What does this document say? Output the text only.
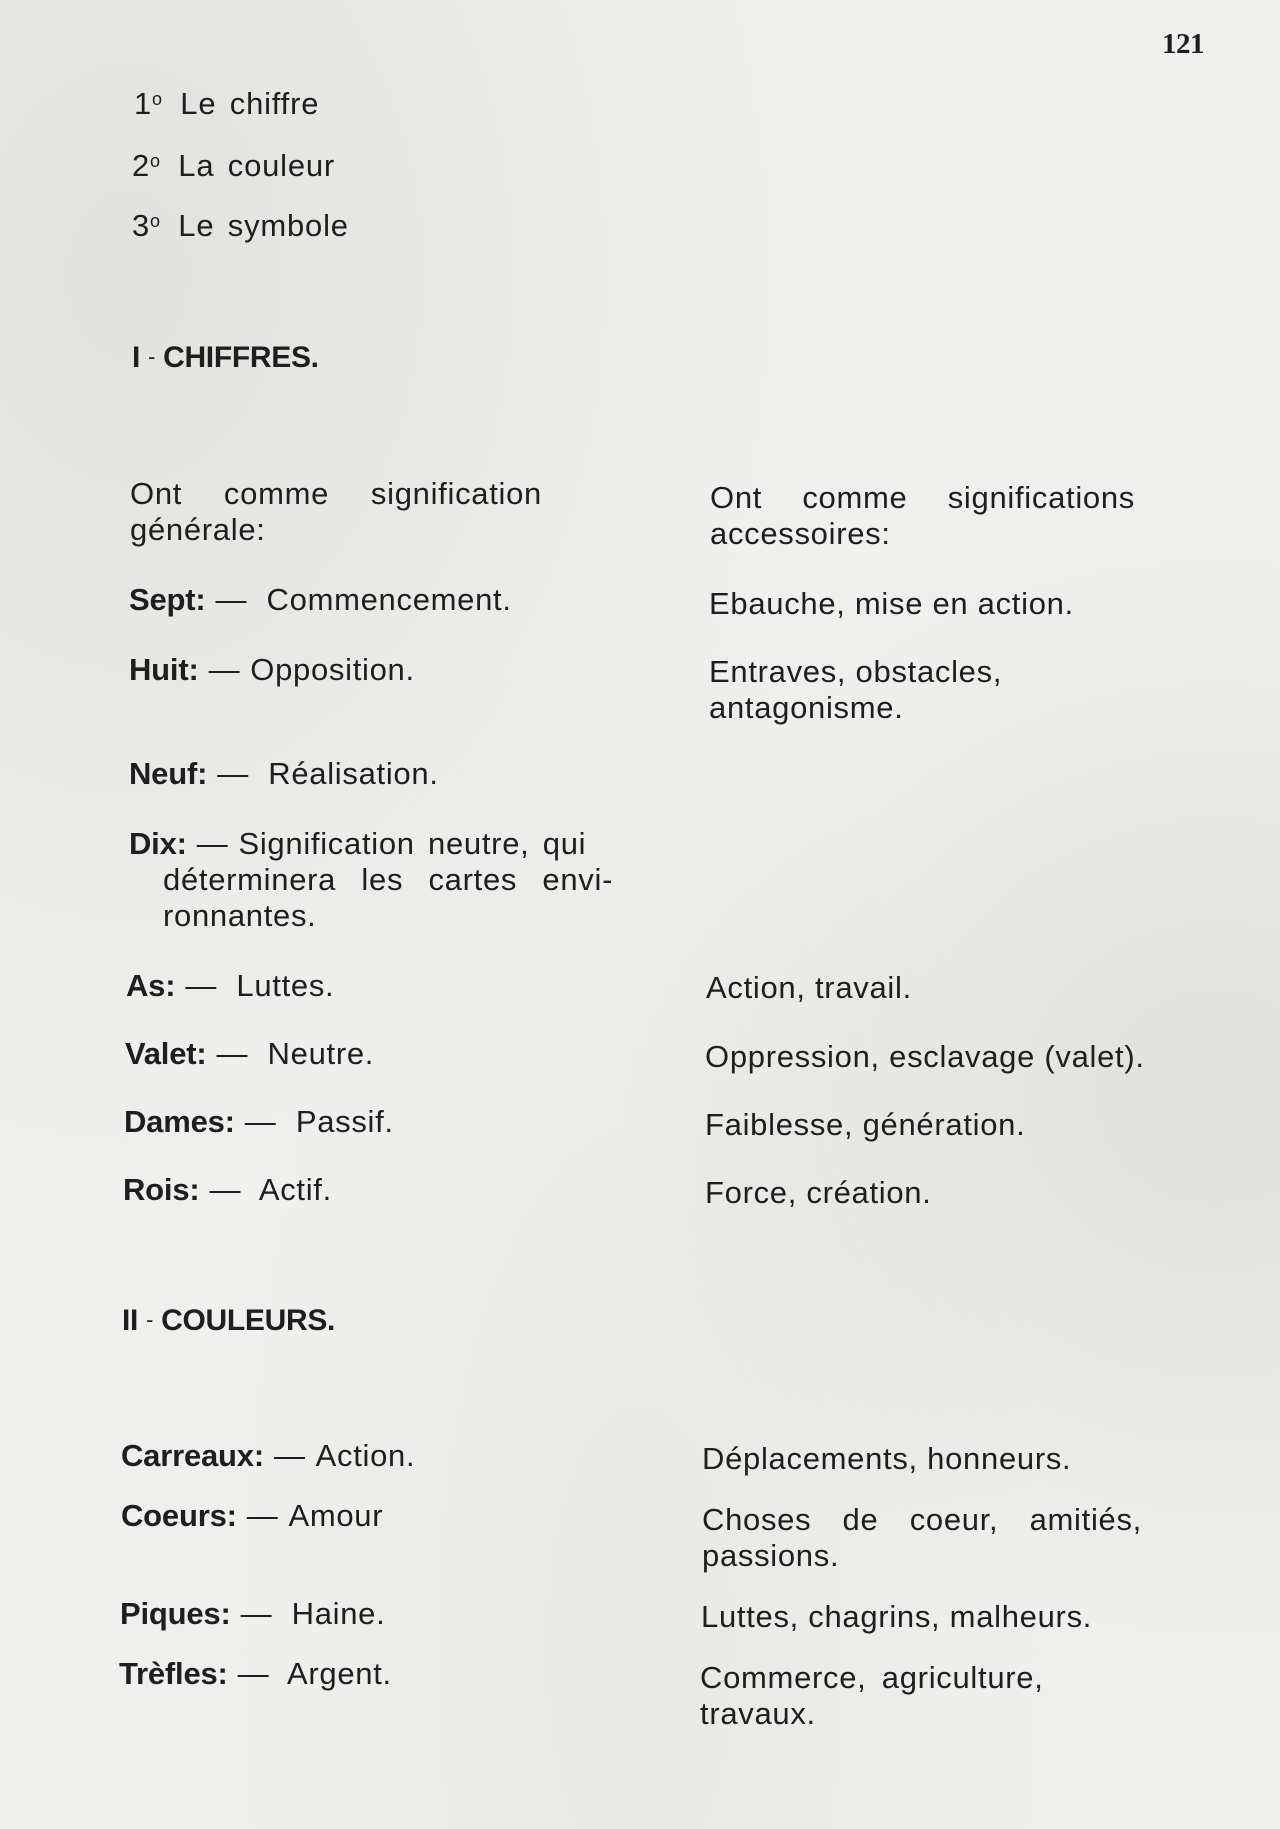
121
1$^o$ Le chiffre
2$^o$ La couleur
3$^o$ Le symbole
I - CHIFFRES.
Ont comme signification générale:
Ont comme significations accessoires:
Sept: — Commencement.	Ebauche, mise en action.
Huit: — Opposition.	Entraves, obstacles, antagonisme.
Neuf: — Réalisation.
Dix: — Signification neutre, qui
déterminera les cartes envi-
ronnantes.
As: — Luttes.	Action, travail.
Valet: — Neutre.	Oppression, esclavage (valet).
Dames: — Passif.	Faiblesse, génération.
Rois: — Actif.	Force, création.
II - COULEURS.
Carreaux: — Action.	Déplacements, honneurs.
Coeurs: — Amour	Choses de coeur, amitiés, passions.
Piques: — Haine.	Luttes, chagrins, malheurs.
Trèfles: — Argent.	Commerce, agriculture, travaux.
